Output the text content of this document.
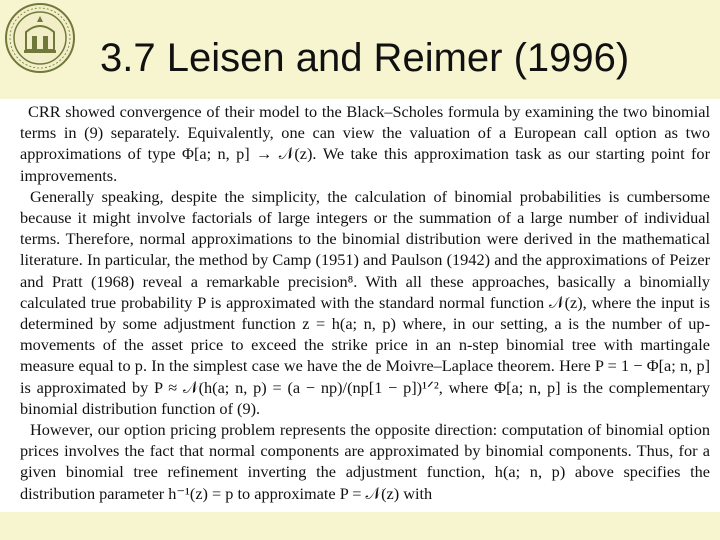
3.7 Leisen and Reimer (1996)

CRR showed convergence of their model to the Black–Scholes formula by examining the two binomial terms in (9) separately. Equivalently, one can view the valuation of a European call option as two approximations of type Φ[a; n, p] → 𝒩(z). We take this approximation task as our starting point for improvements.

Generally speaking, despite the simplicity, the calculation of binomial probabilities is cumbersome because it might involve factorials of large integers or the summation of a large number of individual terms. Therefore, normal approximations to the binomial distribution were derived in the mathematical literature. In particular, the method by Camp (1951) and Paulson (1942) and the approximations of Peizer and Pratt (1968) reveal a remarkable precision⁸. With all these approaches, basically a binomially calculated true probability P is approximated with the standard normal function 𝒩(z), where the input is determined by some adjustment function z = h(a; n, p) where, in our setting, a is the number of up-movements of the asset price to exceed the strike price in an n-step binomial tree with martingale measure equal to p. In the simplest case we have the de Moivre–Laplace theorem. Here P = 1 − Φ[a; n, p] is approximated by P ≈ 𝒩(h(a; n, p) = (a − np)/(np[1 − p])¹ᐟ², where Φ[a; n, p] is the complementary binomial distribution function of (9).

However, our option pricing problem represents the opposite direction: computation of binomial option prices involves the fact that normal components are approximated by binomial components. Thus, for a given binomial tree refinement inverting the adjustment function, h(a; n, p) above specifies the distribution parameter h⁻¹(z) = p to approximate P = 𝒩(z) with
